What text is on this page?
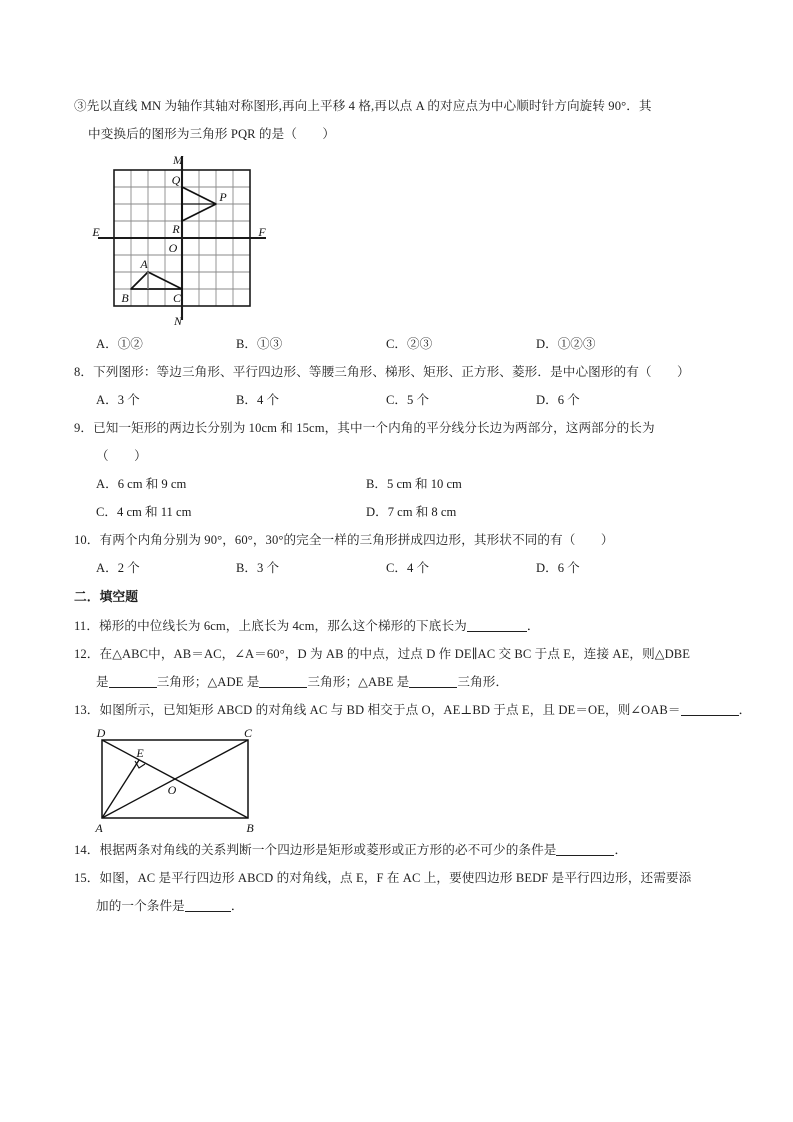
③先以直线 MN 为轴作其轴对称图形,再向上平移 4 格,再以点 A 的对应点为中心顺时针方向旋转 90°．其
中变换后的图形为三角形 PQR 的是（　　）
M
N
E	F
O
Q
P
R
A
B	C
A．①②	B．①③	C．②③	D．①②③
8．下列图形：等边三角形、平行四边形、等腰三角形、梯形、矩形、正方形、菱形．是中心图形的有（　　）
A．3 个	B．4 个	C．5 个	D．6 个
9．已知一矩形的两边长分别为 10cm 和 15cm，其中一个内角的平分线分长边为两部分，这两部分的长为
（　　）
A．6 cm 和 9 cm	B．5 cm 和 10 cm
C．4 cm 和 11 cm	D．7 cm 和 8 cm
10．有两个内角分别为 90°，60°，30°的完全一样的三角形拼成四边形，其形状不同的有（　　）
A．2 个	B．3 个	C．4 个	D．6 个
二．填空题
11．梯形的中位线长为 6cm，上底长为 4cm，那么这个梯形的下底长为	．
12．在△ABC中，AB＝AC，∠A＝60°，D 为 AB 的中点，过点 D 作 DE∥AC 交 BC 于点 E，连接 AE，则△DBE
是	三角形；△ADE 是	三角形；△ABE 是	三角形．
13．如图所示，已知矩形 ABCD 的对角线 AC 与 BD 相交于点 O，AE⊥BD 于点 E，且 DE＝OE，则∠OAB＝	．
D	C
A	B
E
O
14．根据两条对角线的关系判断一个四边形是矩形或菱形或正方形的必不可少的条件是	．
15．如图，AC 是平行四边形 ABCD 的对角线，点 E，F 在 AC 上，要使四边形 BEDF 是平行四边形，还需要添
加的一个条件是	．
